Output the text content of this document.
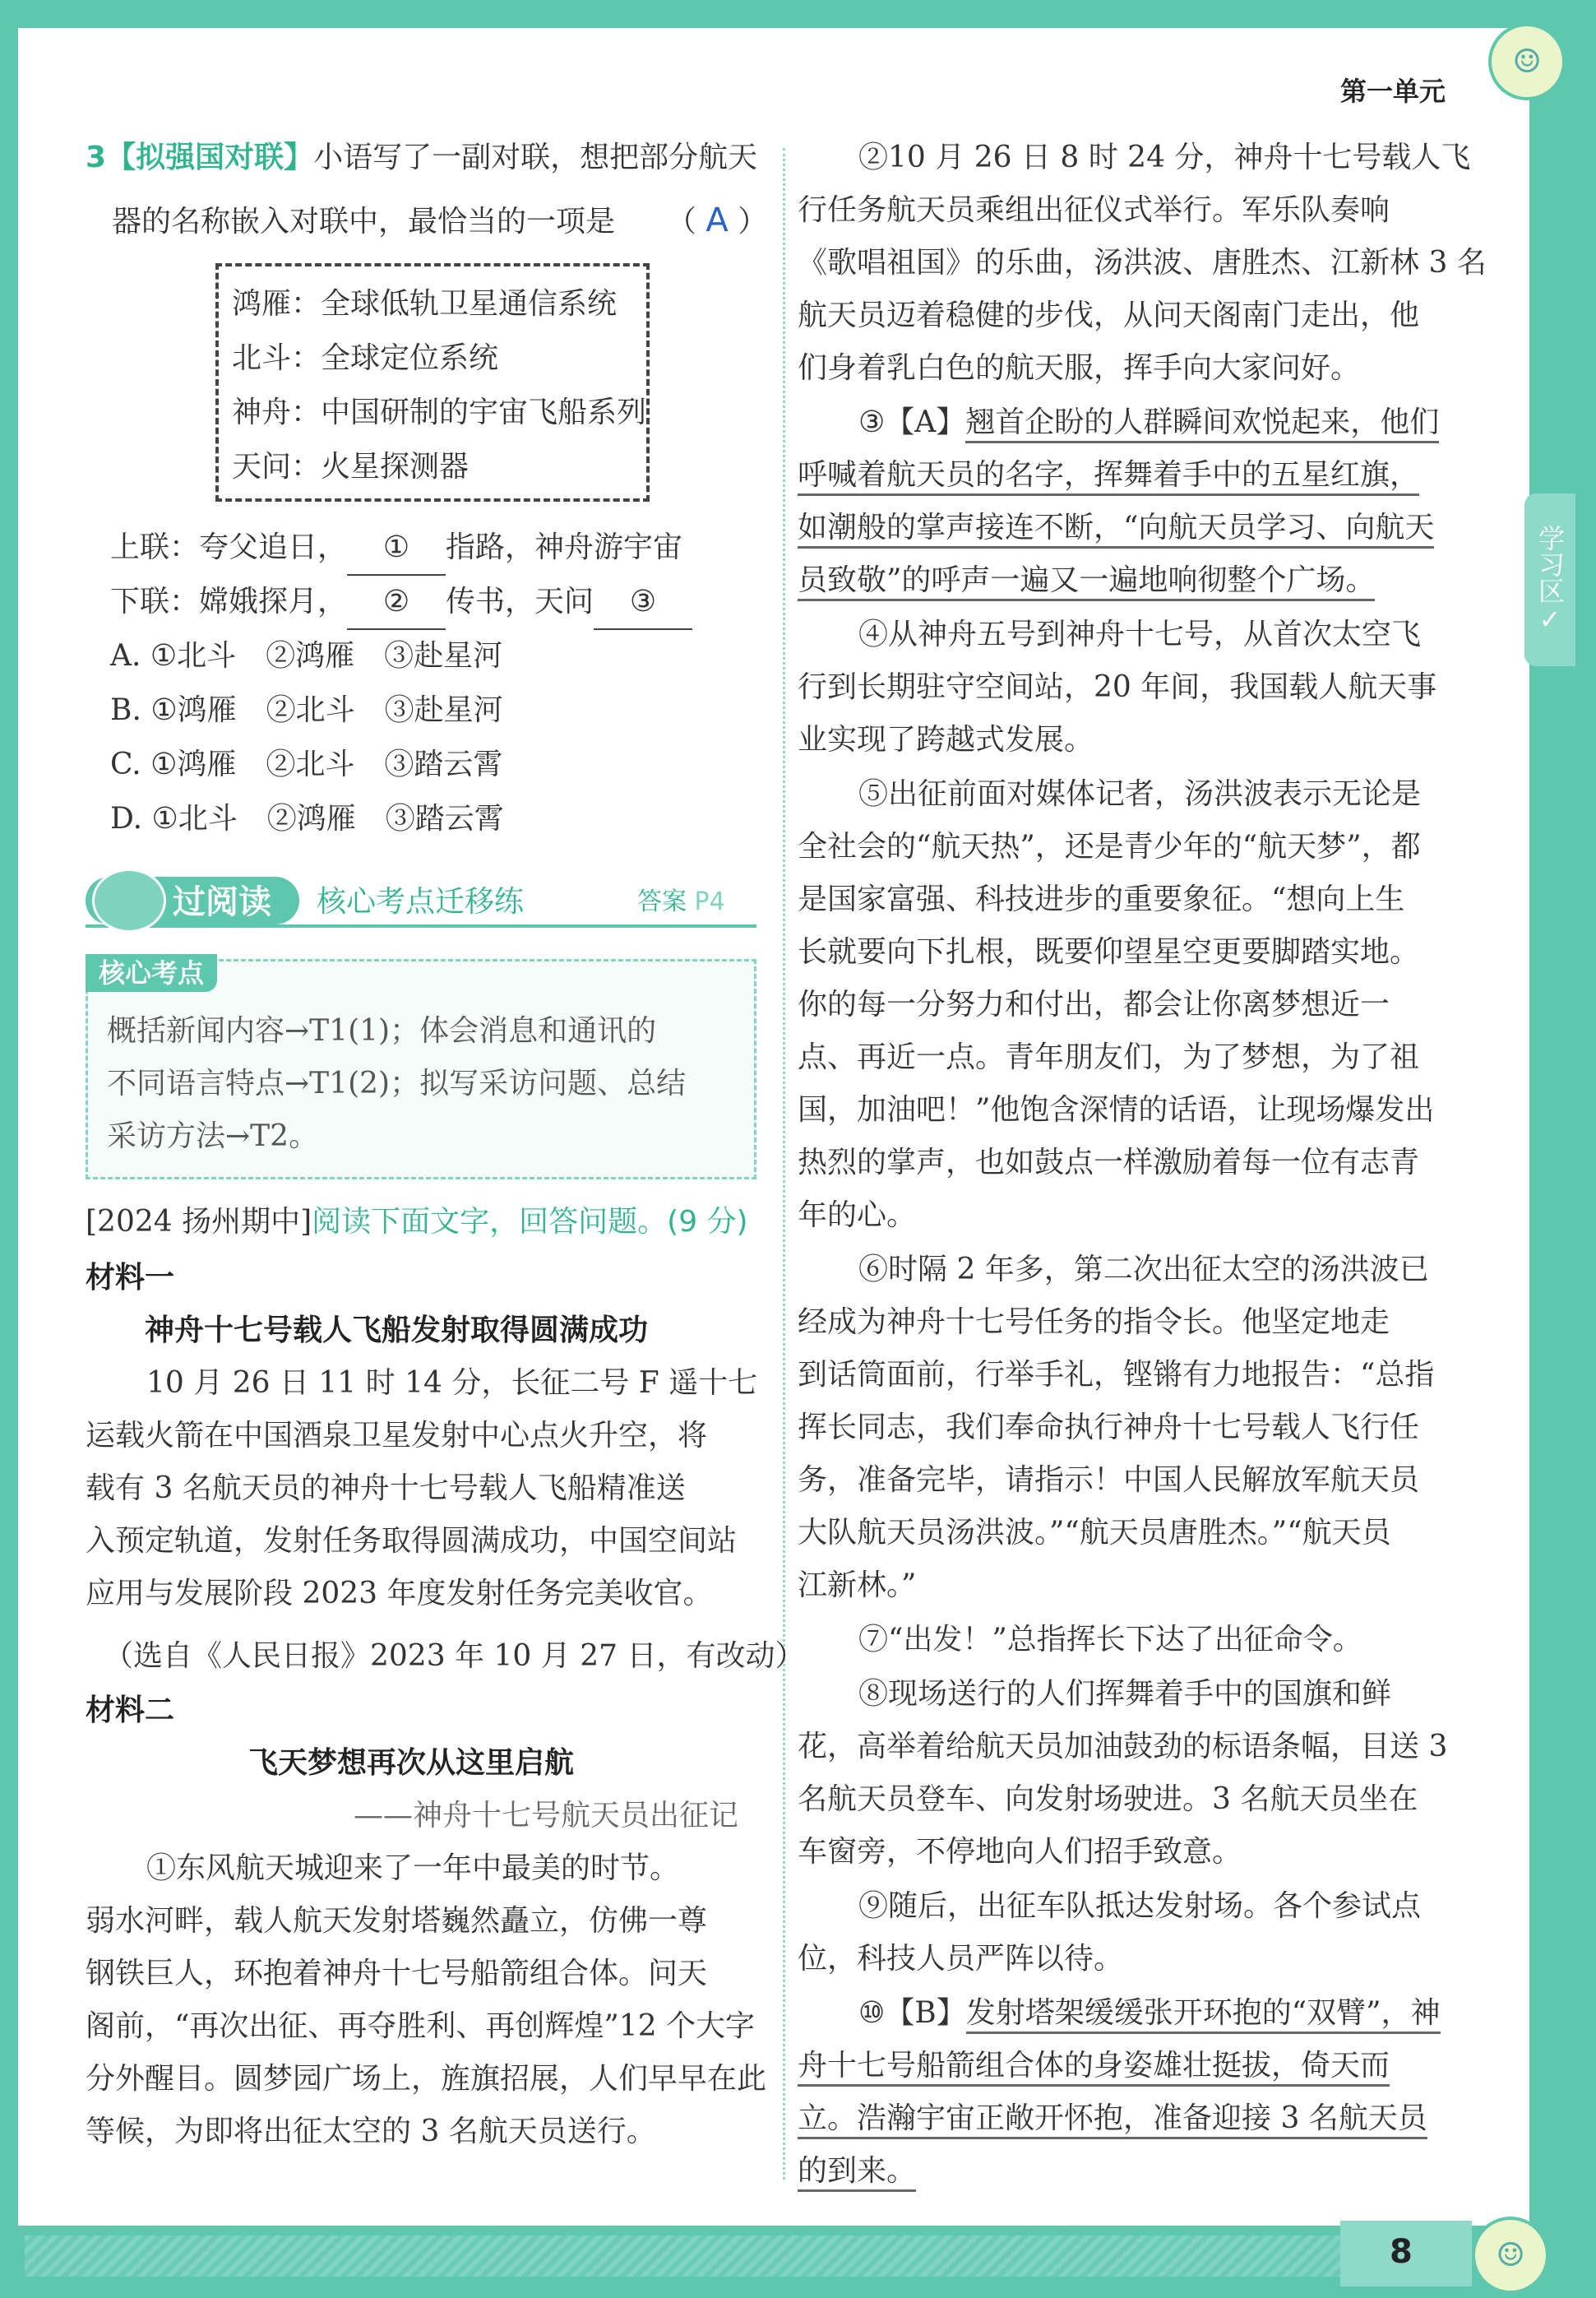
8
☺
☺
第一单元
学习区
✓
3【拟强国对联】小语写了一副对联，想把部分航天
器的名称嵌入对联中，最恰当的一项是 （ A ）
鸿雁：全球低轨卫星通信系统
北斗：全球定位系统
神舟：中国研制的宇宙飞船系列
天问：火星探测器
上联：夸父追日， ① 指路，神舟游宇宙
下联：嫦娥探月， ② 传书，天问 ③
A. ①北斗　②鸿雁　③赴星河
B. ①鸿雁　②北斗　③赴星河
C. ①鸿雁　②北斗　③踏云霄
D. ①北斗　②鸿雁　③踏云霄
过阅读 核心考点迁移练	答案 P4
核心考点
概括新闻内容→T1(1)；体会消息和通讯的
不同语言特点→T1(2)；拟写采访问题、总结
采访方法→T2。
[2024 扬州期中]阅读下面文字，回答问题。(9 分)
材料一
神舟十七号载人飞船发射取得圆满成功
10 月 26 日 11 时 14 分，长征二号 F 遥十七
运载火箭在中国酒泉卫星发射中心点火升空，将
载有 3 名航天员的神舟十七号载人飞船精准送
入预定轨道，发射任务取得圆满成功，中国空间站
应用与发展阶段 2023 年度发射任务完美收官。
（选自《人民日报》2023 年 10 月 27 日，有改动）
材料二
飞天梦想再次从这里启航
——神舟十七号航天员出征记
①东风航天城迎来了一年中最美的时节。
弱水河畔，载人航天发射塔巍然矗立，仿佛一尊
钢铁巨人，环抱着神舟十七号船箭组合体。问天
阁前，“再次出征、再夺胜利、再创辉煌”12 个大字
分外醒目。圆梦园广场上，旌旗招展，人们早早在此
等候，为即将出征太空的 3 名航天员送行。
②10 月 26 日 8 时 24 分，神舟十七号载人飞
行任务航天员乘组出征仪式举行。军乐队奏响
《歌唱祖国》的乐曲，汤洪波、唐胜杰、江新林 3 名
航天员迈着稳健的步伐，从问天阁南门走出，他
们身着乳白色的航天服，挥手向大家问好。
③【A】翘首企盼的人群瞬间欢悦起来，他们
呼喊着航天员的名字，挥舞着手中的五星红旗，
如潮般的掌声接连不断，“向航天员学习、向航天
员致敬”的呼声一遍又一遍地响彻整个广场。
④从神舟五号到神舟十七号，从首次太空飞
行到长期驻守空间站，20 年间，我国载人航天事
业实现了跨越式发展。
⑤出征前面对媒体记者，汤洪波表示无论是
全社会的“航天热”，还是青少年的“航天梦”，都
是国家富强、科技进步的重要象征。“想向上生
长就要向下扎根，既要仰望星空更要脚踏实地。
你的每一分努力和付出，都会让你离梦想近一
点、再近一点。青年朋友们，为了梦想，为了祖
国，加油吧！”他饱含深情的话语，让现场爆发出
热烈的掌声，也如鼓点一样激励着每一位有志青
年的心。
⑥时隔 2 年多，第二次出征太空的汤洪波已
经成为神舟十七号任务的指令长。他坚定地走
到话筒面前，行举手礼，铿锵有力地报告：“总指
挥长同志，我们奉命执行神舟十七号载人飞行任
务，准备完毕，请指示！中国人民解放军航天员
大队航天员汤洪波。”“航天员唐胜杰。”“航天员
江新林。”
⑦“出发！”总指挥长下达了出征命令。
⑧现场送行的人们挥舞着手中的国旗和鲜
花，高举着给航天员加油鼓劲的标语条幅，目送 3
名航天员登车、向发射场驶进。3 名航天员坐在
车窗旁，不停地向人们招手致意。
⑨随后，出征车队抵达发射场。各个参试点
位，科技人员严阵以待。
⑩【B】发射塔架缓缓张开环抱的“双臂”，神
舟十七号船箭组合体的身姿雄壮挺拔，倚天而
立。浩瀚宇宙正敞开怀抱，准备迎接 3 名航天员
的到来。
